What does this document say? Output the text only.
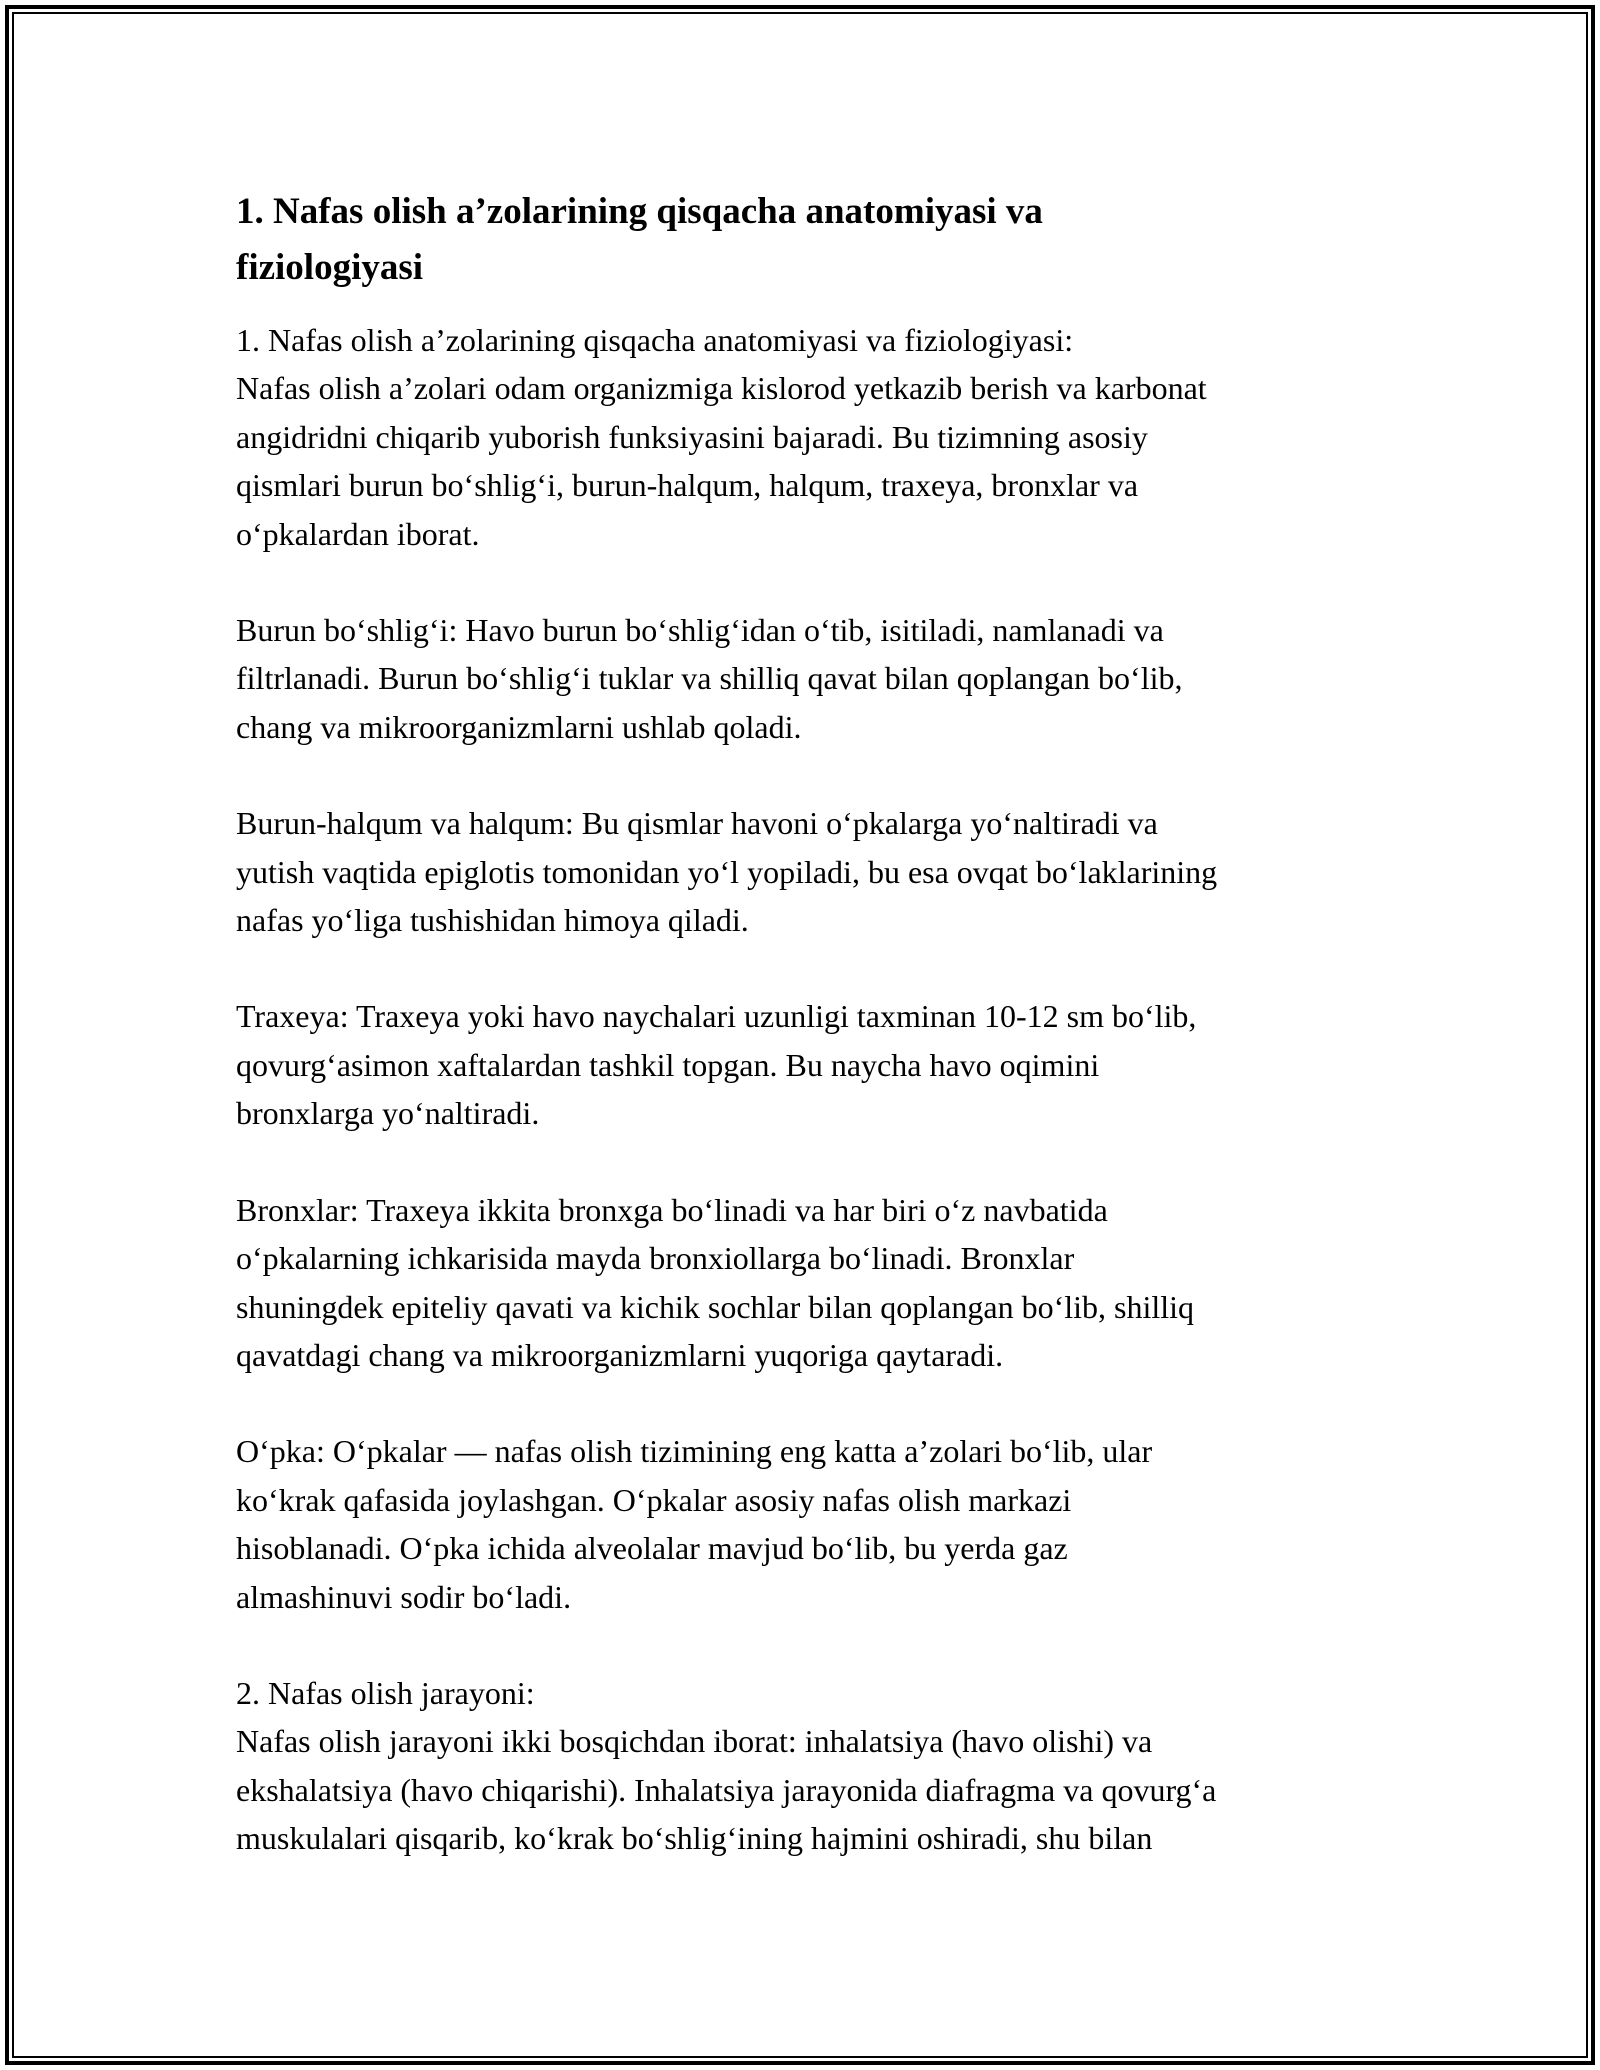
1. Nafas olish a’zolarining qisqacha anatomiyasi va fiziologiyasi

1. Nafas olish a’zolarining qisqacha anatomiyasi va fiziologiyasi:
Nafas olish a’zolari odam organizmiga kislorod yetkazib berish va karbonat
angidridni chiqarib yuborish funksiyasini bajaradi. Bu tizimning asosiy
qismlari burun bo‘shlig‘i, burun-halqum, halqum, traxeya, bronxlar va
o‘pkalardan iborat.

Burun bo‘shlig‘i: Havo burun bo‘shlig‘idan o‘tib, isitiladi, namlanadi va
filtrlanadi. Burun bo‘shlig‘i tuklar va shilliq qavat bilan qoplangan bo‘lib,
chang va mikroorganizmlarni ushlab qoladi.

Burun-halqum va halqum: Bu qismlar havoni o‘pkalarga yo‘naltiradi va
yutish vaqtida epiglotis tomonidan yo‘l yopiladi, bu esa ovqat bo‘laklarining
nafas yo‘liga tushishidan himoya qiladi.

Traxeya: Traxeya yoki havo naychalari uzunligi taxminan 10-12 sm bo‘lib,
qovurg‘asimon xaftalardan tashkil topgan. Bu naycha havo oqimini
bronxlarga yo‘naltiradi.

Bronxlar: Traxeya ikkita bronxga bo‘linadi va har biri o‘z navbatida
o‘pkalarning ichkarisida mayda bronxiollarga bo‘linadi. Bronxlar
shuningdek epiteliy qavati va kichik sochlar bilan qoplangan bo‘lib, shilliq
qavatdagi chang va mikroorganizmlarni yuqoriga qaytaradi.

O‘pka: O‘pkalar — nafas olish tizimining eng katta a’zolari bo‘lib, ular
ko‘krak qafasida joylashgan. O‘pkalar asosiy nafas olish markazi
hisoblanadi. O‘pka ichida alveolalar mavjud bo‘lib, bu yerda gaz
almashinuvi sodir bo‘ladi.

2. Nafas olish jarayoni:
Nafas olish jarayoni ikki bosqichdan iborat: inhalatsiya (havo olishi) va
ekshalatsiya (havo chiqarishi). Inhalatsiya jarayonida diafragma va qovurg‘a
muskulalari qisqarib, ko‘krak bo‘shlig‘ining hajmini oshiradi, shu bilan
